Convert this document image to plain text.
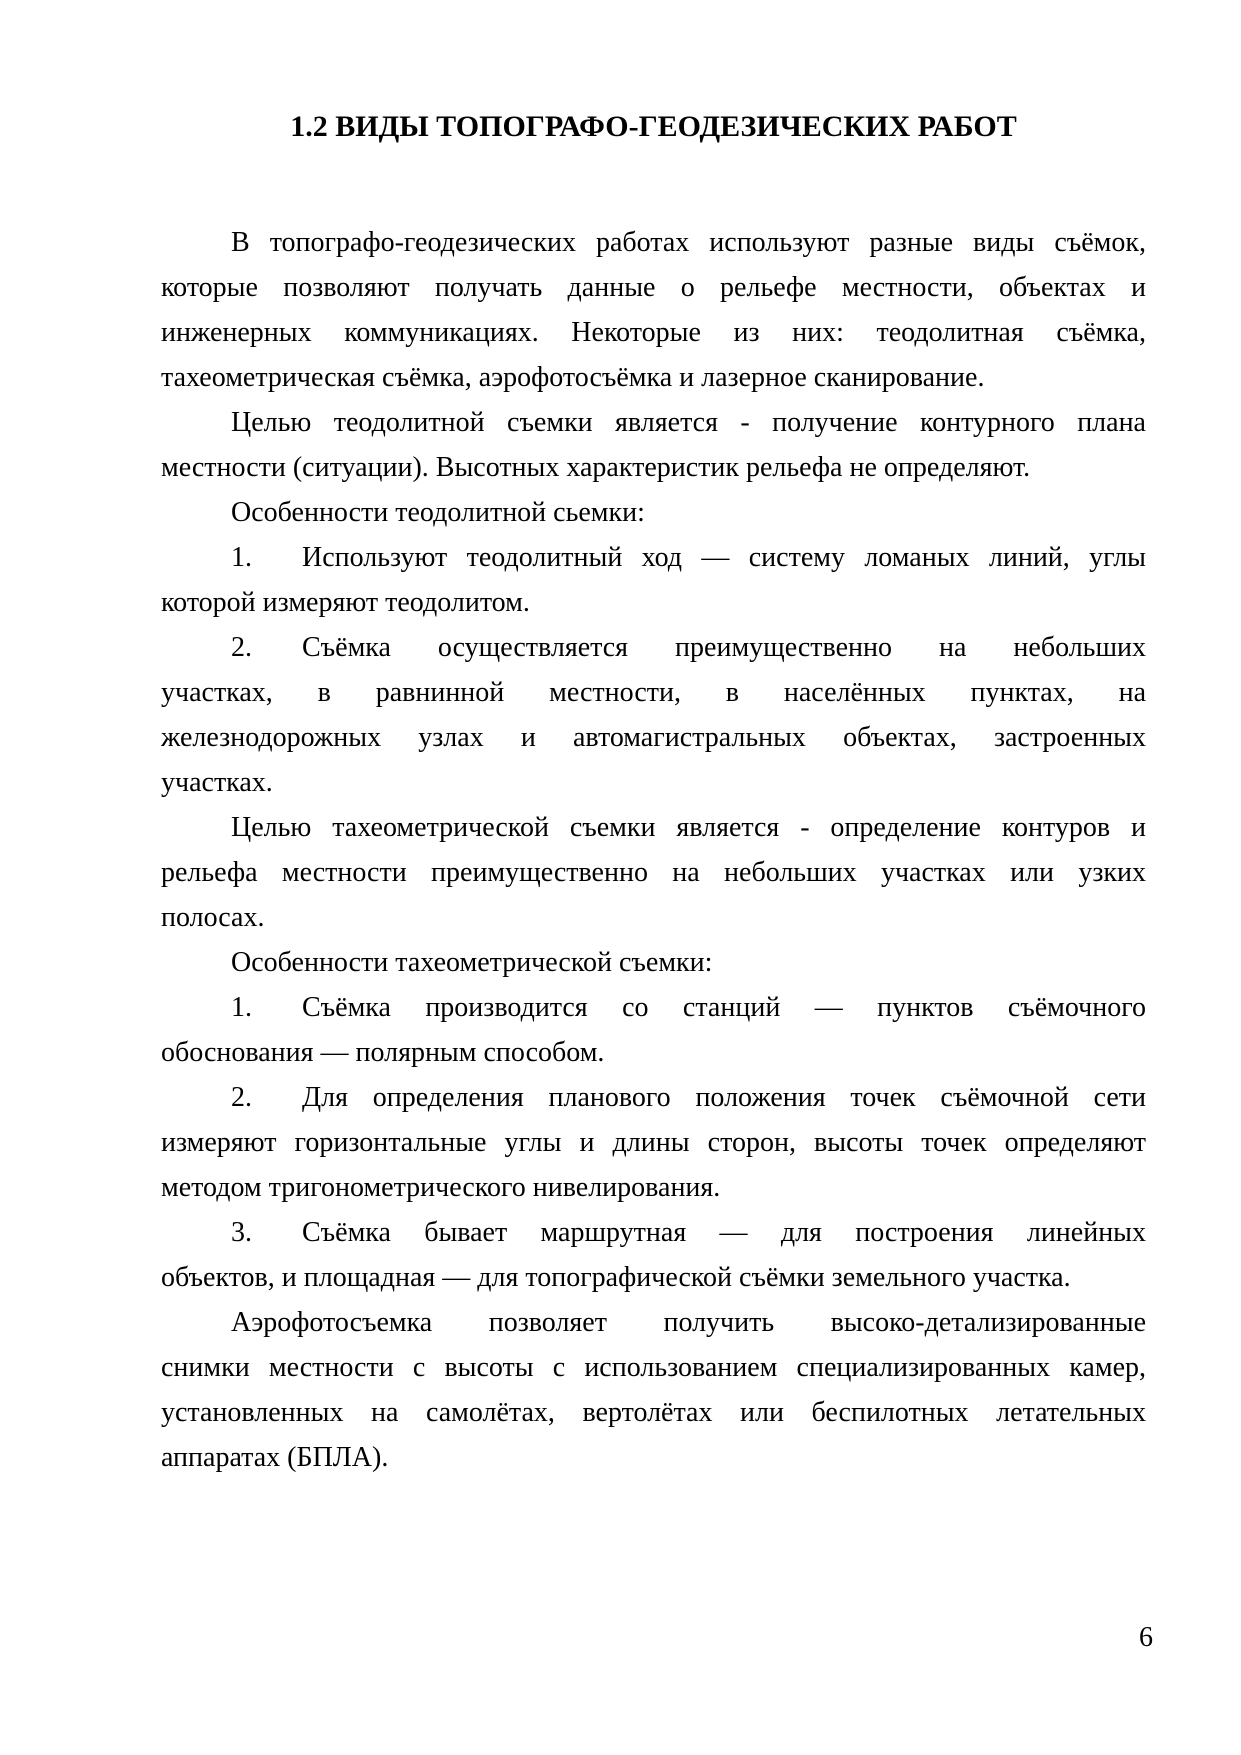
1.2 ВИДЫ ТОПОГРАФО-ГЕОДЕЗИЧЕСКИХ РАБОТ
В топографо-геодезических работах используют разные виды съёмок,
которые позволяют получать данные о рельефе местности, объектах и
инженерных коммуникациях. Некоторые из них: теодолитная съёмка,
тахеометрическая съёмка, аэрофотосъёмка и лазерное сканирование.
Целью теодолитной съемки является - получение контурного плана
местности (ситуации). Высотных характеристик рельефа не определяют.
Особенности теодолитной сьемки:
1. Используют теодолитный ход — систему ломаных линий, углы
которой измеряют теодолитом.
2. Съёмка осуществляется преимущественно на небольших
участках, в равнинной местности, в населённых пунктах, на
железнодорожных узлах и автомагистральных объектах, застроенных
участках.
Целью тахеометрической съемки является - определение контуров и
рельефа местности преимущественно на небольших участках или узких
полосах.
Особенности тахеометрической съемки:
1. Съёмка производится со станций — пунктов съёмочного
обоснования — полярным способом.
2. Для определения планового положения точек съёмочной сети
измеряют горизонтальные углы и длины сторон, высоты точек определяют
методом тригонометрического нивелирования.
3. Съёмка бывает маршрутная — для построения линейных
объектов, и площадная — для топографической съёмки земельного участка.
Аэрофотосъемка позволяет получить высоко-детализированные
снимки местности с высоты с использованием специализированных камер,
установленных на самолётах, вертолётах или беспилотных летательных
аппаратах (БПЛА).
6
